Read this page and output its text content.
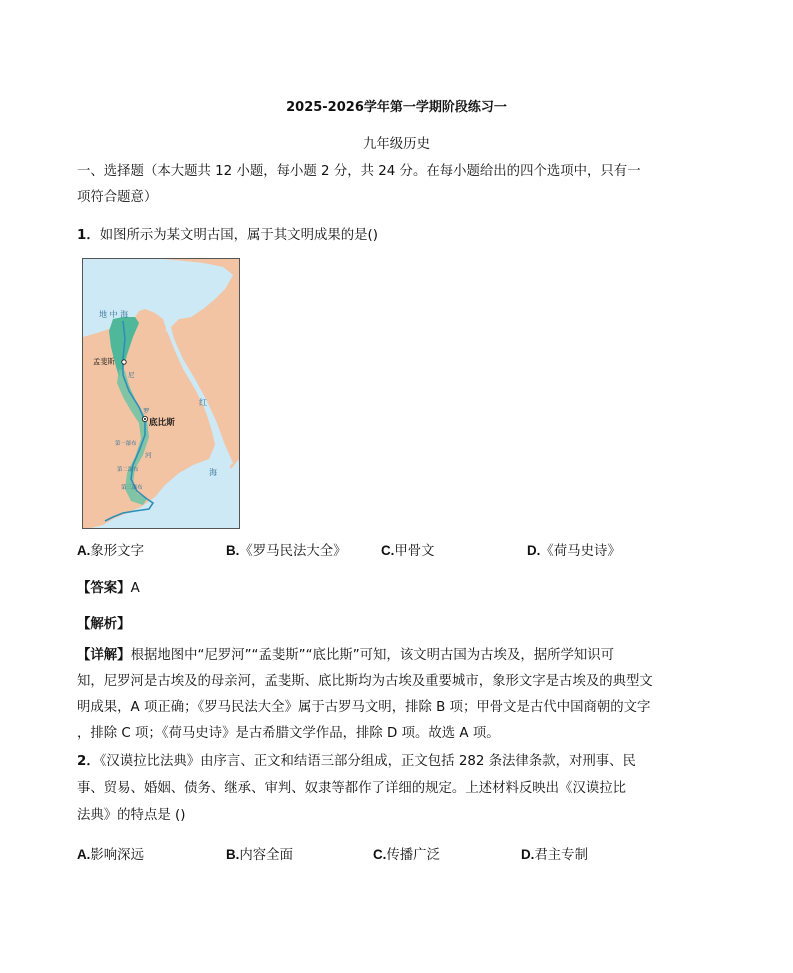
2025-2026学年第一学期阶段练习一
九年级历史
一、选择题（本大题共 12 小题，每小题 2 分，共 24 分。在每小题给出的四个选项中，只有一
项符合题意）
1．如图所示为某文明古国，属于其文明成果的是()
地 中 海
孟斐斯
底比斯
尼
罗
河
红
海
第一瀑布
第二瀑布
第三瀑布
A.象形文字	B.《罗马民法大全》	C.甲骨文	D.《荷马史诗》
【答案】A
【解析】
【详解】根据地图中“尼罗河”“孟斐斯”“底比斯”可知，该文明古国为古埃及，据所学知识可
知，尼罗河是古埃及的母亲河，孟斐斯、底比斯均为古埃及重要城市，象形文字是古埃及的典型文
明成果，A 项正确；《罗马民法大全》属于古罗马文明，排除 B 项；甲骨文是古代中国商朝的文字
，排除 C 项；《荷马史诗》是古希腊文学作品，排除 D 项。故选 A 项。
2．《汉谟拉比法典》由序言、正文和结语三部分组成，正文包括 282 条法律条款，对刑事、民
事、贸易、婚姻、债务、继承、审判、奴隶等都作了详细的规定。上述材料反映出《汉谟拉比
法典》的特点是 ()
A.影响深远	B.内容全面	C.传播广泛	D.君主专制
